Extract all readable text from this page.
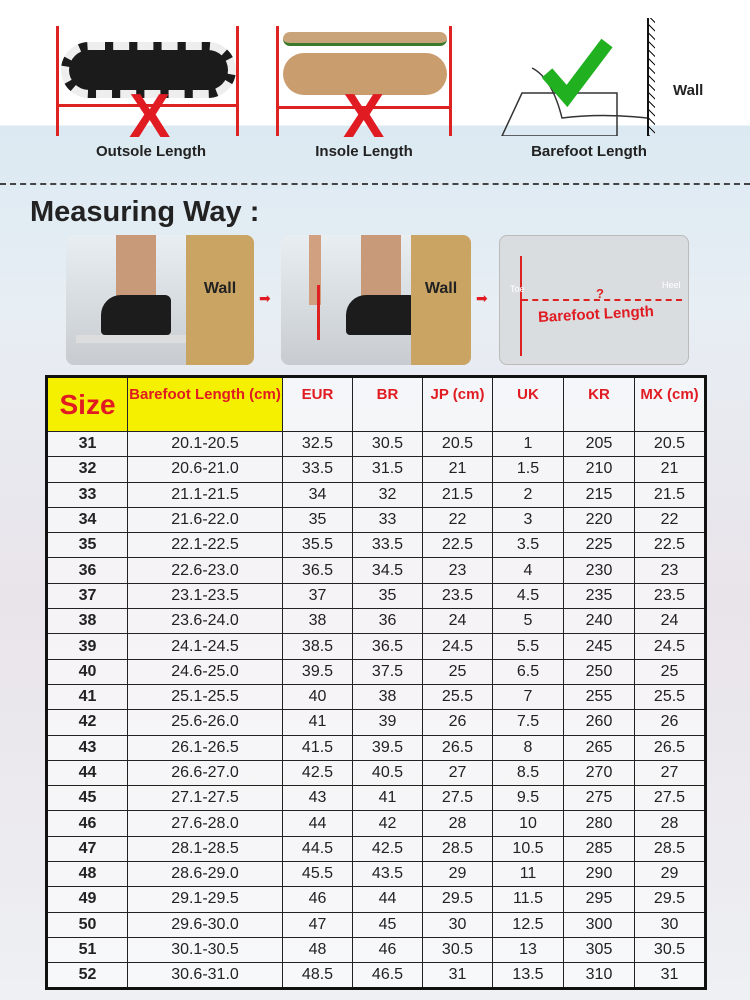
X
Outsole Length
X
Insole Length
Wall
Barefoot Length
Measuring Way :
Wall
➡
Wall
➡
Toe	Heel
?
Barefoot Length
Size	Barefoot Length (cm)	EUR	BR	JP (cm)	UK	KR	MX (cm)
31	20.1-20.5	32.5	30.5	20.5	1	205	20.5
32	20.6-21.0	33.5	31.5	21	1.5	210	21
33	21.1-21.5	34	32	21.5	2	215	21.5
34	21.6-22.0	35	33	22	3	220	22
35	22.1-22.5	35.5	33.5	22.5	3.5	225	22.5
36	22.6-23.0	36.5	34.5	23	4	230	23
37	23.1-23.5	37	35	23.5	4.5	235	23.5
38	23.6-24.0	38	36	24	5	240	24
39	24.1-24.5	38.5	36.5	24.5	5.5	245	24.5
40	24.6-25.0	39.5	37.5	25	6.5	250	25
41	25.1-25.5	40	38	25.5	7	255	25.5
42	25.6-26.0	41	39	26	7.5	260	26
43	26.1-26.5	41.5	39.5	26.5	8	265	26.5
44	26.6-27.0	42.5	40.5	27	8.5	270	27
45	27.1-27.5	43	41	27.5	9.5	275	27.5
46	27.6-28.0	44	42	28	10	280	28
47	28.1-28.5	44.5	42.5	28.5	10.5	285	28.5
48	28.6-29.0	45.5	43.5	29	11	290	29
49	29.1-29.5	46	44	29.5	11.5	295	29.5
50	29.6-30.0	47	45	30	12.5	300	30
51	30.1-30.5	48	46	30.5	13	305	30.5
52	30.6-31.0	48.5	46.5	31	13.5	310	31
